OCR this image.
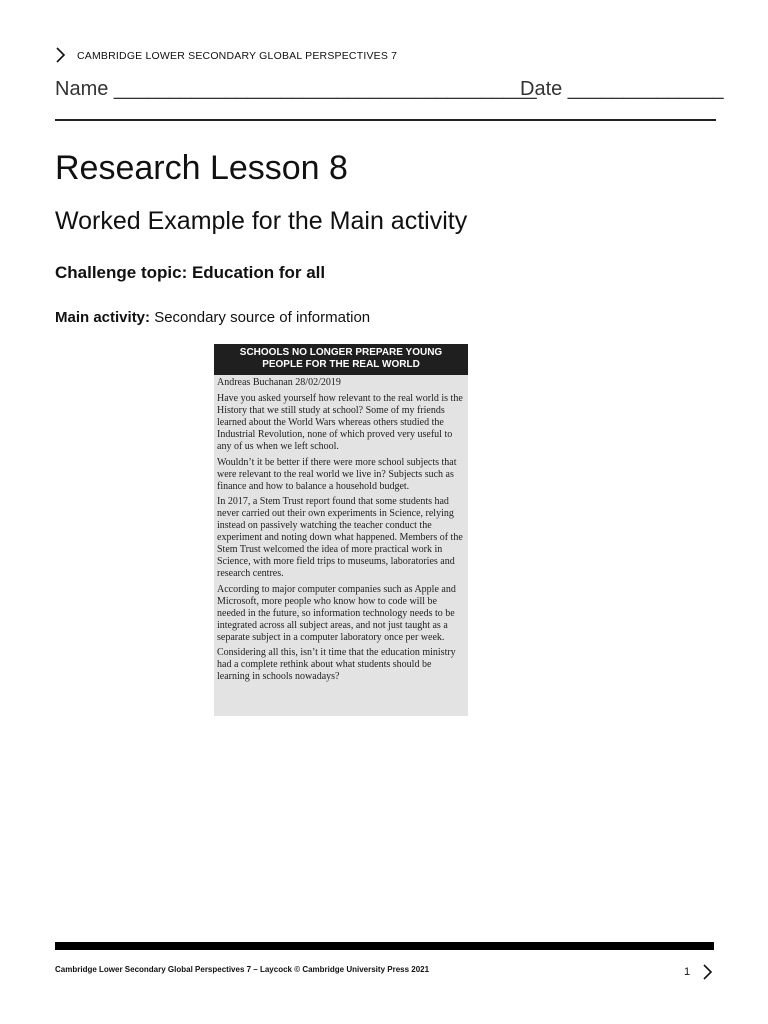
CAMBRIDGE LOWER SECONDARY GLOBAL PERSPECTIVES 7
Name ______________________________________
Date ______________
Research Lesson 8
Worked Example for the Main activity
Challenge topic: Education for all
Main activity: Secondary source of information
SCHOOLS NO LONGER PREPARE YOUNG PEOPLE FOR THE REAL WORLD

Andreas Buchanan 28/02/2019

Have you asked yourself how relevant to the real world is the History that we still study at school? Some of my friends learned about the World Wars whereas others studied the Industrial Revolution, none of which proved very useful to any of us when we left school.

Wouldn’t it be better if there were more school subjects that were relevant to the real world we live in? Subjects such as finance and how to balance a household budget.

In 2017, a Stem Trust report found that some students had never carried out their own experiments in Science, relying instead on passively watching the teacher conduct the experiment and noting down what happened. Members of the Stem Trust welcomed the idea of more practical work in Science, with more field trips to museums, laboratories and research centres.

According to major computer companies such as Apple and Microsoft, more people who know how to code will be needed in the future, so information technology needs to be integrated across all subject areas, and not just taught as a separate subject in a computer laboratory once per week.

Considering all this, isn’t it time that the education ministry had a complete rethink about what students should be learning in schools nowadays?

Cambridge Lower Secondary Global Perspectives 7 – Laycock © Cambridge University Press 2021	1
